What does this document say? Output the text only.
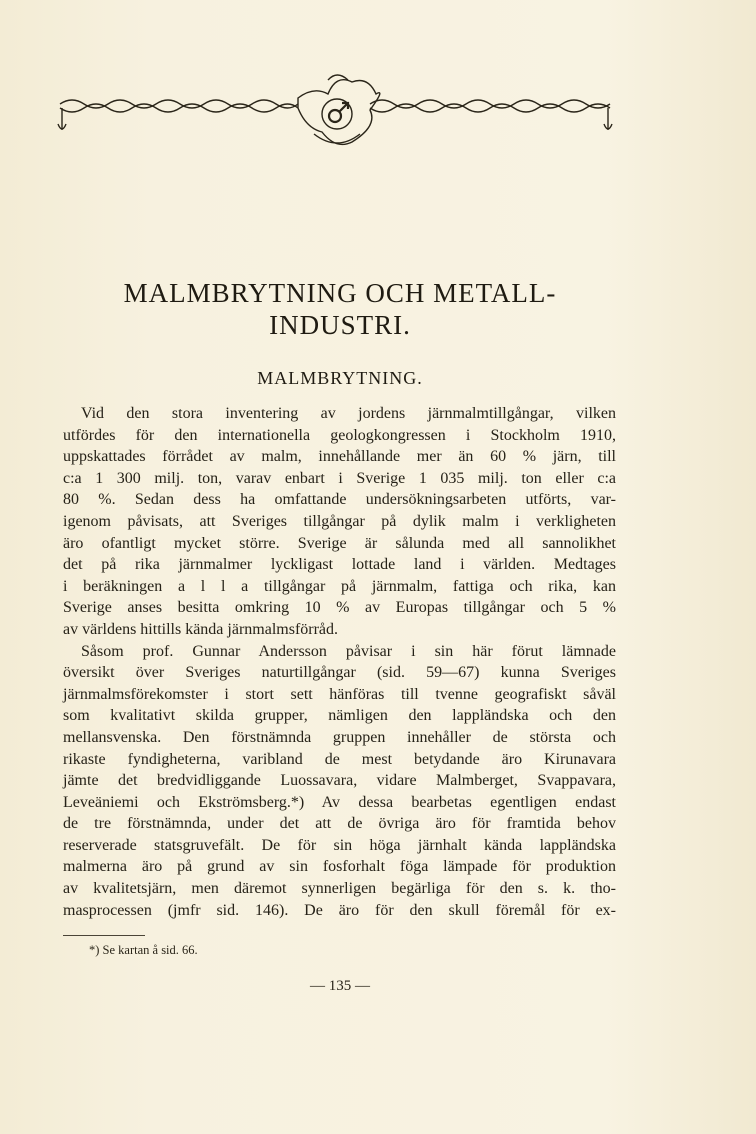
MALMBRYTNING OCH METALL-
INDUSTRI.
MALMBRYTNING.
Vid den stora inventering av jordens järnmalmtillgångar, vilken
utfördes för den internationella geologkongressen i Stockholm 1910,
uppskattades förrådet av malm, innehållande mer än 60 % järn, till
c:a 1 300 milj. ton, varav enbart i Sverige 1 035 milj. ton eller c:a
80 %. Sedan dess ha omfattande undersökningsarbeten utförts, var-
igenom påvisats, att Sveriges tillgångar på dylik malm i verkligheten
äro ofantligt mycket större. Sverige är sålunda med all sannolikhet
det på rika järnmalmer lyckligast lottade land i världen. Medtages
i beräkningen a l l a tillgångar på järnmalm, fattiga och rika, kan
Sverige anses besitta omkring 10 % av Europas tillgångar och 5 %
av världens hittills kända järnmalmsförråd.
Såsom prof. Gunnar Andersson påvisar i sin här förut lämnade
översikt över Sveriges naturtillgångar (sid. 59—67) kunna Sveriges
järnmalmsförekomster i stort sett hänföras till tvenne geografiskt såväl
som kvalitativt skilda grupper, nämligen den lappländska och den
mellansvenska. Den förstnämnda gruppen innehåller de största och
rikaste fyndigheterna, varibland de mest betydande äro Kirunavara
jämte det bredvidliggande Luossavara, vidare Malmberget, Svappavara,
Leveäniemi och Ekströmsberg.*) Av dessa bearbetas egentligen endast
de tre förstnämnda, under det att de övriga äro för framtida behov
reserverade statsgruvefält. De för sin höga järnhalt kända lappländska
malmerna äro på grund av sin fosforhalt föga lämpade för produktion
av kvalitetsjärn, men däremot synnerligen begärliga för den s. k. tho-
masprocessen (jmfr sid. 146). De äro för den skull föremål för ex-
*) Se kartan å sid. 66.
— 135 —
